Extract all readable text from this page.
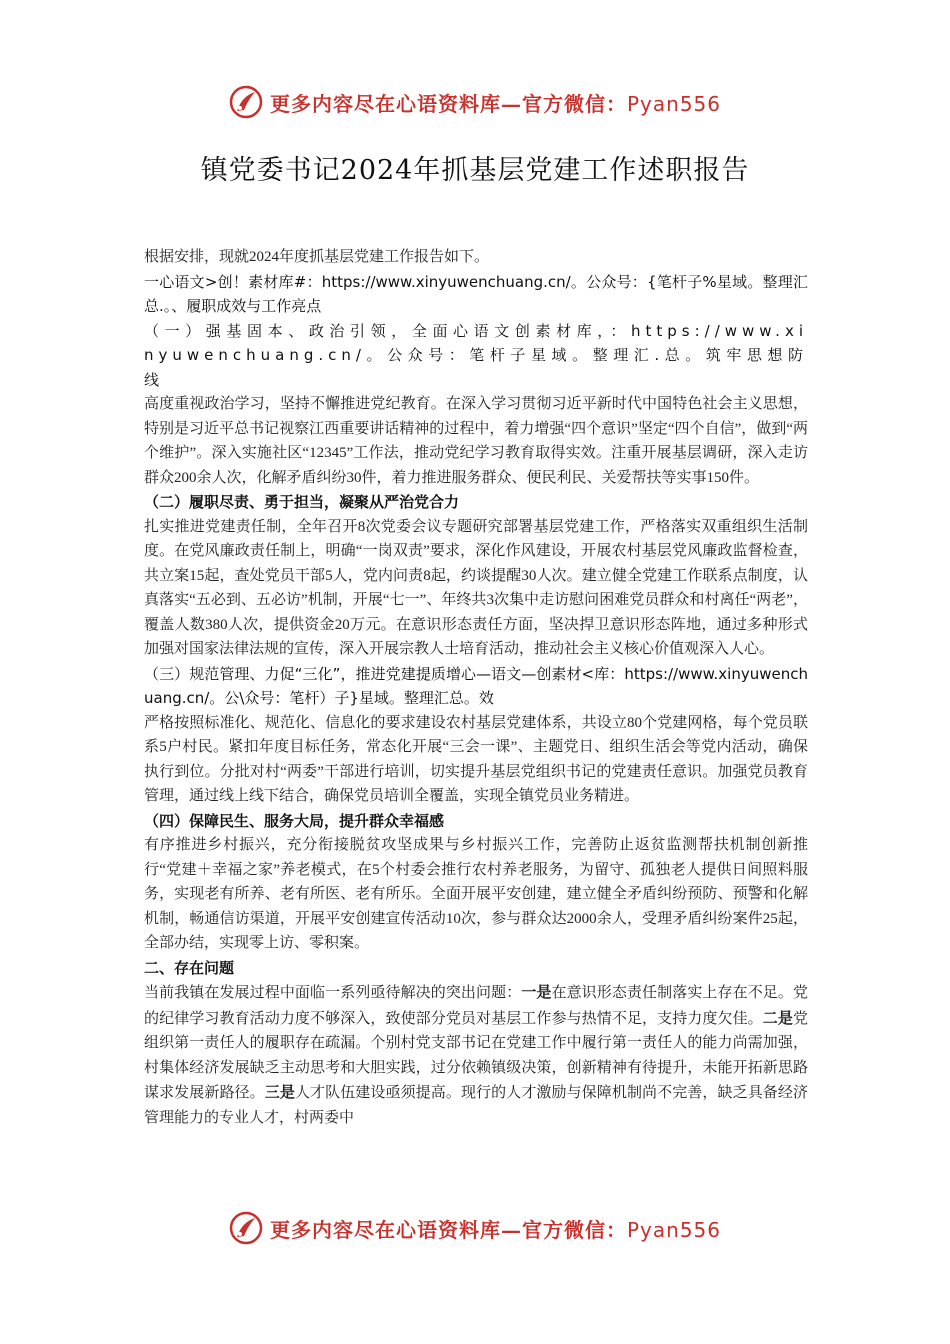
更多内容尽在心语资料库—官方微信：Pyan556
镇党委书记2024年抓基层党建工作述职报告

根据安排，现就2024年度抓基层党建工作报告如下。

一心语文>创！素材库#：https://www.xinyuwenchuang.cn/。公众号：{笔杆子%星域。整理汇总.。、履职成效与工作亮点

（一）强基固本、政治引领，全面心语文创素材库，：https://www.xinyuwenchuang.cn/。公众号：笔杆子星域。整理汇.总。筑牢思想防线

高度重视政治学习，坚持不懈推进党纪教育。在深入学习贯彻习近平新时代中国特色社会主义思想，特别是习近平总书记视察江西重要讲话精神的过程中，着力增强“四个意识”坚定“四个自信”，做到“两个维护”。深入实施社区“12345”工作法，推动党纪学习教育取得实效。注重开展基层调研，深入走访群众200余人次，化解矛盾纠纷30件，着力推进服务群众、便民利民、关爱帮扶等实事150件。

（二）履职尽责、勇于担当，凝聚从严治党合力

扎实推进党建责任制，全年召开8次党委会议专题研究部署基层党建工作，严格落实双重组织生活制度。在党风廉政责任制上，明确“一岗双责”要求，深化作风建设，开展农村基层党风廉政监督检查，共立案15起，查处党员干部5人，党内问责8起，约谈提醒30人次。建立健全党建工作联系点制度，认真落实“五必到、五必访”机制，开展“七一”、年终共3次集中走访慰问困难党员群众和村离任“两老”，覆盖人数380人次，提供资金20万元。在意识形态责任方面，坚决捍卫意识形态阵地，通过多种形式加强对国家法律法规的宣传，深入开展宗教人士培育活动，推动社会主义核心价值观深入人心。

（三）规范管理、力促“三化”，推进党建提质增心—语文—创素材<库：https://www.xinyuwenchuang.cn/。公\众号：笔杆）子}星域。整理汇总。效

严格按照标准化、规范化、信息化的要求建设农村基层党建体系，共设立80个党建网格，每个党员联系5户村民。紧扣年度目标任务，常态化开展“三会一课”、主题党日、组织生活会等党内活动，确保执行到位。分批对村“两委”干部进行培训，切实提升基层党组织书记的党建责任意识。加强党员教育管理，通过线上线下结合，确保党员培训全覆盖，实现全镇党员业务精进。

（四）保障民生、服务大局，提升群众幸福感

有序推进乡村振兴，充分衔接脱贫攻坚成果与乡村振兴工作，完善防止返贫监测帮扶机制创新推行“党建＋幸福之家”养老模式，在5个村委会推行农村养老服务，为留守、孤独老人提供日间照料服务，实现老有所养、老有所医、老有所乐。全面开展平安创建，建立健全矛盾纠纷预防、预警和化解机制，畅通信访渠道，开展平安创建宣传活动10次，参与群众达2000余人，受理矛盾纠纷案件25起，全部办结，实现零上访、零积案。

二、存在问题

当前我镇在发展过程中面临一系列亟待解决的突出问题：一是在意识形态责任制落实上存在不足。党的纪律学习教育活动力度不够深入，致使部分党员对基层工作参与热情不足，支持力度欠佳。二是党组织第一责任人的履职存在疏漏。个别村党支部书记在党建工作中履行第一责任人的能力尚需加强，村集体经济发展缺乏主动思考和大胆实践，过分依赖镇级决策，创新精神有待提升，未能开拓新思路谋求发展新路径。三是人才队伍建设亟须提高。现行的人才激励与保障机制尚不完善，缺乏具备经济管理能力的专业人才，村两委中

更多内容尽在心语资料库—官方微信：Pyan556
